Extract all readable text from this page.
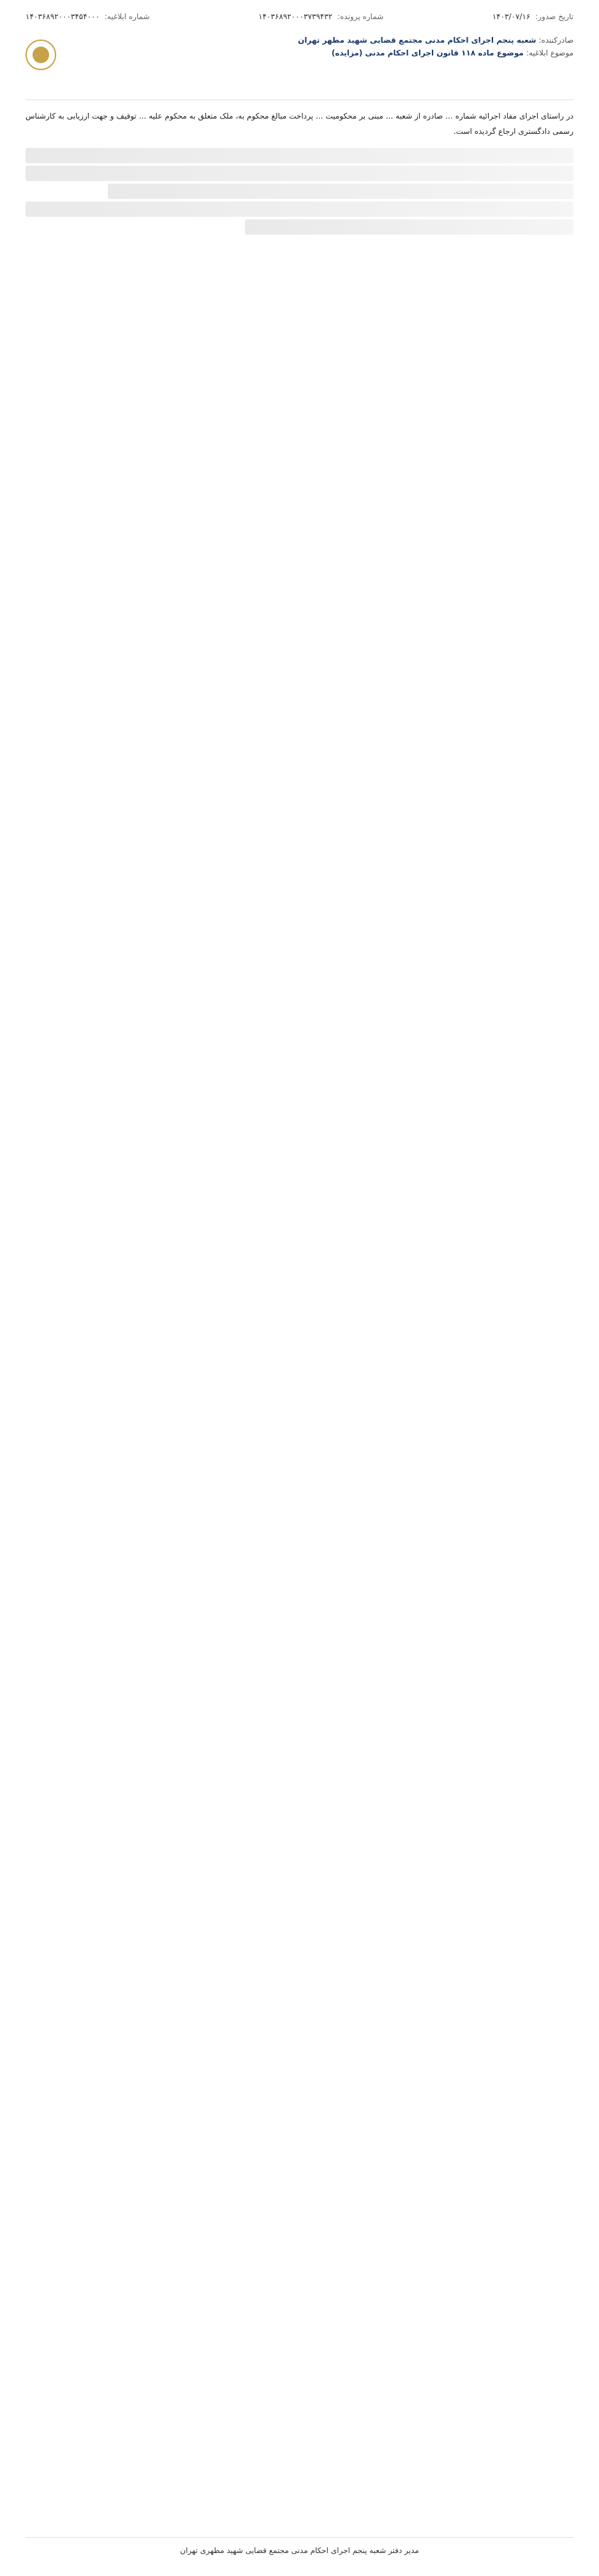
تاریخ صدور: ۱۴۰۳/۰۷/۱۶
شماره پرونده: ۱۴۰۳۶۸۹۲۰۰۰۳۷۳۹۴۳۲
شماره ابلاغیه: ۱۴۰۳۶۸۹۲۰۰۰۳۴۵۴۰۰۰
صادرکننده: شعبه پنجم اجرای احکام مدنی مجتمع قضایی شهید مطهر تهران
موضوع ابلاغیه: موضوع ماده ۱۱۸ قانون اجرای احکام مدنی (مزایده)

در راستای اجرای مفاد اجرائیه شماره ... صادره از شعبه ... مبنی بر محکومیت ... پرداخت مبالغ محکوم به، ملک متعلق به محکوم علیه ... توقیف و جهت ارزیابی به کارشناس رسمی دادگستری ارجاع گردیده است.

مدیر دفتر شعبه پنجم اجرای احکام مدنی مجتمع قضایی شهید مطهری تهران
